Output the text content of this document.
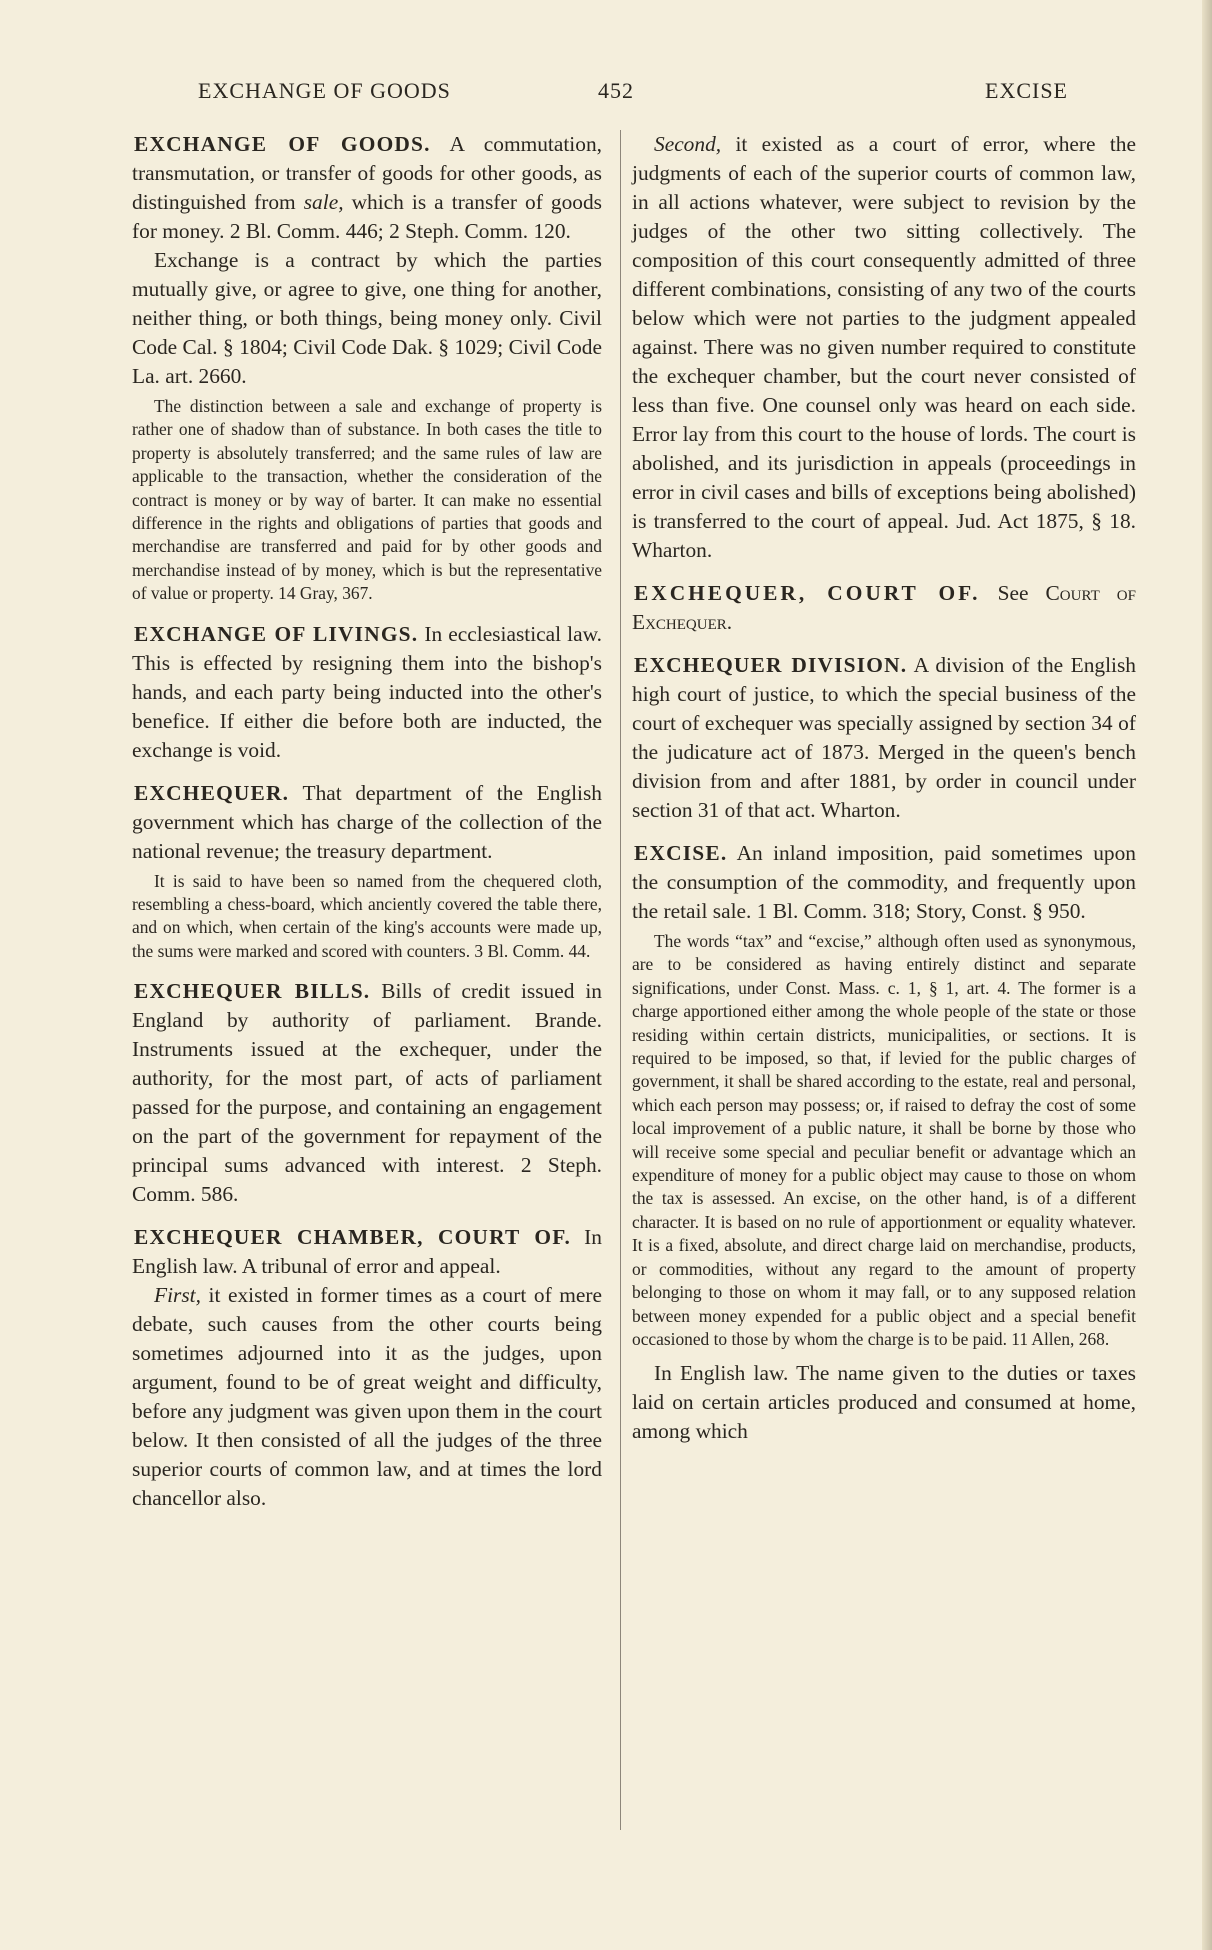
EXCHANGE OF GOODS	452	EXCISE

EXCHANGE OF GOODS. A commutation, transmutation, or transfer of goods for other goods, as distinguished from sale, which is a transfer of goods for money. 2 Bl. Comm. 446; 2 Steph. Comm. 120.

Exchange is a contract by which the parties mutually give, or agree to give, one thing for another, neither thing, or both things, being money only. Civil Code Cal. § 1804; Civil Code Dak. § 1029; Civil Code La. art. 2660.

The distinction between a sale and exchange of property is rather one of shadow than of substance. In both cases the title to property is absolutely transferred; and the same rules of law are applicable to the transaction, whether the consideration of the contract is money or by way of barter. It can make no essential difference in the rights and obligations of parties that goods and merchandise are transferred and paid for by other goods and merchandise instead of by money, which is but the representative of value or property. 14 Gray, 367.

EXCHANGE OF LIVINGS. In ecclesiastical law. This is effected by resigning them into the bishop's hands, and each party being inducted into the other's benefice. If either die before both are inducted, the exchange is void.

EXCHEQUER. That department of the English government which has charge of the collection of the national revenue; the treasury department.

It is said to have been so named from the chequered cloth, resembling a chess-board, which anciently covered the table there, and on which, when certain of the king's accounts were made up, the sums were marked and scored with counters. 3 Bl. Comm. 44.

EXCHEQUER BILLS. Bills of credit issued in England by authority of parliament. Brande. Instruments issued at the exchequer, under the authority, for the most part, of acts of parliament passed for the purpose, and containing an engagement on the part of the government for repayment of the principal sums advanced with interest. 2 Steph. Comm. 586.

EXCHEQUER CHAMBER, COURT OF. In English law. A tribunal of error and appeal.

First, it existed in former times as a court of mere debate, such causes from the other courts being sometimes adjourned into it as the judges, upon argument, found to be of great weight and difficulty, before any judgment was given upon them in the court below. It then consisted of all the judges of the three superior courts of common law, and at times the lord chancellor also.

Second, it existed as a court of error, where the judgments of each of the superior courts of common law, in all actions whatever, were subject to revision by the judges of the other two sitting collectively. The composition of this court consequently admitted of three different combinations, consisting of any two of the courts below which were not parties to the judgment appealed against. There was no given number required to constitute the exchequer chamber, but the court never consisted of less than five. One counsel only was heard on each side. Error lay from this court to the house of lords. The court is abolished, and its jurisdiction in appeals (proceedings in error in civil cases and bills of exceptions being abolished) is transferred to the court of appeal. Jud. Act 1875, § 18. Wharton.

EXCHEQUER, COURT OF. See Court of Exchequer.

EXCHEQUER DIVISION. A division of the English high court of justice, to which the special business of the court of exchequer was specially assigned by section 34 of the judicature act of 1873. Merged in the queen's bench division from and after 1881, by order in council under section 31 of that act. Wharton.

EXCISE. An inland imposition, paid sometimes upon the consumption of the commodity, and frequently upon the retail sale. 1 Bl. Comm. 318; Story, Const. § 950.

The words “tax” and “excise,” although often used as synonymous, are to be considered as having entirely distinct and separate significations, under Const. Mass. c. 1, § 1, art. 4. The former is a charge apportioned either among the whole people of the state or those residing within certain districts, municipalities, or sections. It is required to be imposed, so that, if levied for the public charges of government, it shall be shared according to the estate, real and personal, which each person may possess; or, if raised to defray the cost of some local improvement of a public nature, it shall be borne by those who will receive some special and peculiar benefit or advantage which an expenditure of money for a public object may cause to those on whom the tax is assessed. An excise, on the other hand, is of a different character. It is based on no rule of apportionment or equality whatever. It is a fixed, absolute, and direct charge laid on merchandise, products, or commodities, without any regard to the amount of property belonging to those on whom it may fall, or to any supposed relation between money expended for a public object and a special benefit occasioned to those by whom the charge is to be paid. 11 Allen, 268.

In English law. The name given to the duties or taxes laid on certain articles produced and consumed at home, among which
